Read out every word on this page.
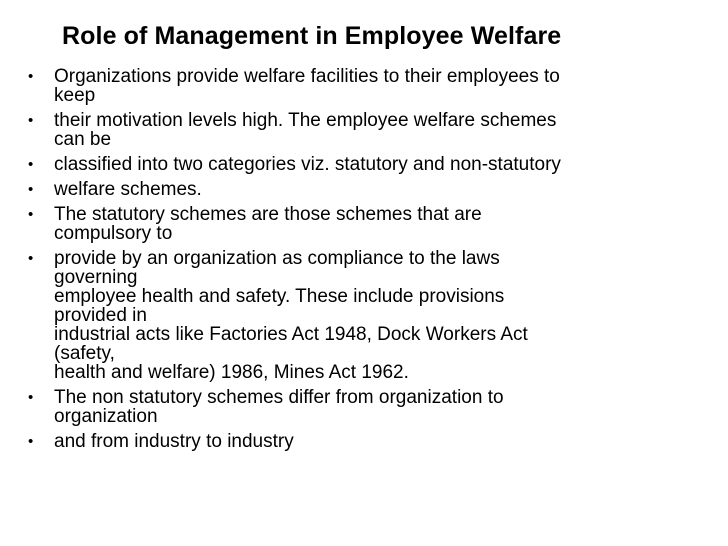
Role of Management in Employee Welfare
• Organizations provide welfare facilities to their employees to
keep
• their motivation levels high. The employee welfare schemes
can be
• classified into two categories viz. statutory and non-statutory
• welfare schemes.
• The statutory schemes are those schemes that are
compulsory to
• provide by an organization as compliance to the laws
governing
employee health and safety. These include provisions
provided in
industrial acts like Factories Act 1948, Dock Workers Act
(safety,
health and welfare) 1986, Mines Act 1962.
• The non statutory schemes differ from organization to
organization
• and from industry to industry
